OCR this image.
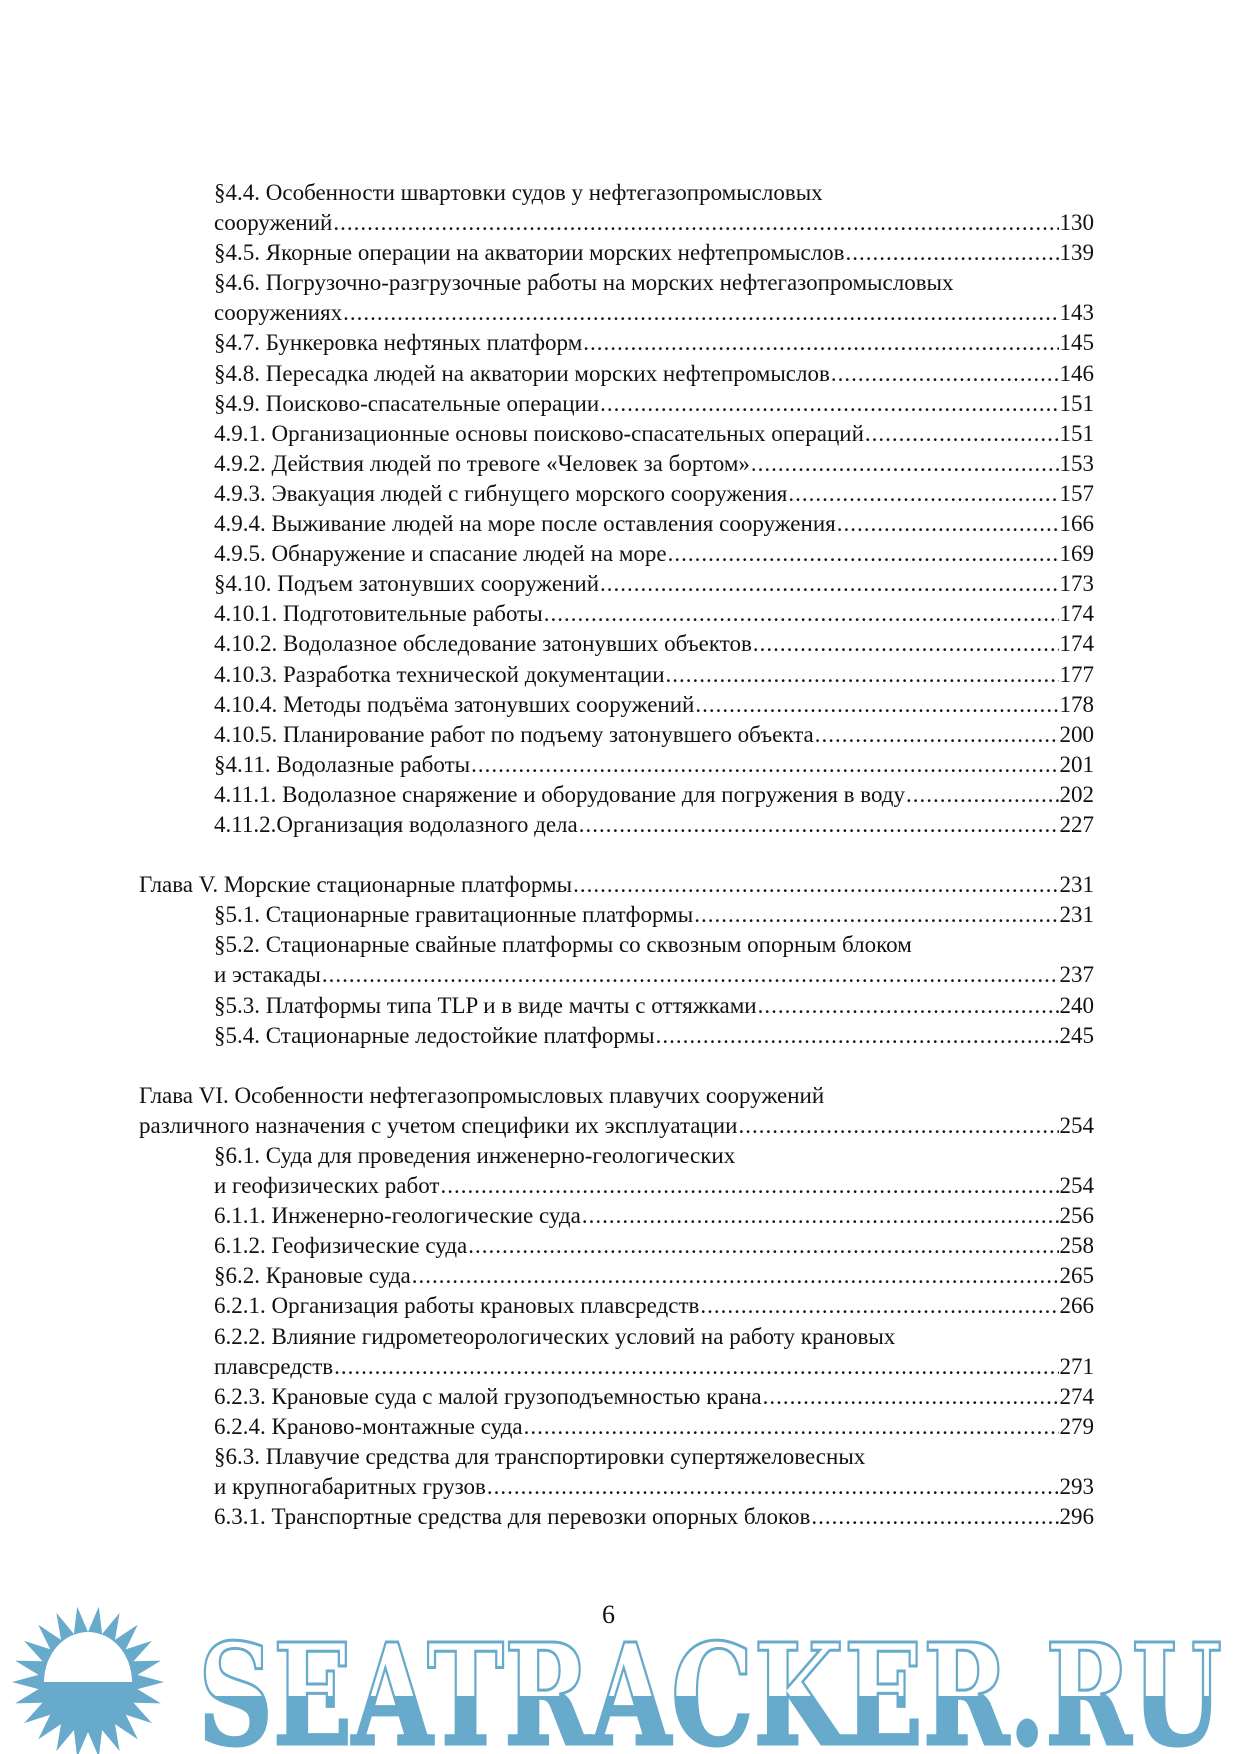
§4.4. Особенности швартовки судов у нефтегазопромысловых
сооружений .....	130
§4.5. Якорные операции на акватории морских нефтепромыслов .....	139
§4.6. Погрузочно-разгрузочные работы на морских нефтегазопромысловых
сооружениях .....	143
§4.7. Бункеровка нефтяных платформ .....	145
§4.8. Пересадка людей на акватории морских нефтепромыслов .....	146
§4.9. Поисково-спасательные операции .....	151
4.9.1. Организационные основы поисково-спасательных операций .....	151
4.9.2. Действия людей по тревоге «Человек за бортом» .....	153
4.9.3. Эвакуация людей с гибнущего морского сооружения .....	157
4.9.4. Выживание людей на море после оставления сооружения .....	166
4.9.5. Обнаружение и спасание людей на море .....	169
§4.10. Подъем затонувших сооружений .....	173
4.10.1. Подготовительные работы .....	174
4.10.2. Водолазное обследование затонувших объектов .....	174
4.10.3. Разработка технической документации .....	177
4.10.4. Методы подъёма затонувших сооружений .....	178
4.10.5. Планирование работ по подъему затонувшего объекта .....	200
§4.11. Водолазные работы .....	201
4.11.1. Водолазное снаряжение и оборудование для погружения в воду .....	202
4.11.2.Организация водолазного дела .....	227
Глава V. Морские стационарные платформы .....	231
§5.1. Стационарные гравитационные платформы .....	231
§5.2. Стационарные свайные платформы со сквозным опорным блоком
и эстакады .....	237
§5.3. Платформы типа TLP и в виде мачты с оттяжками .....	240
§5.4. Стационарные ледостойкие платформы .....	245
Глава VI. Особенности нефтегазопромысловых плавучих сооружений
различного назначения с учетом специфики их эксплуатации .....	254
§6.1. Суда для проведения инженерно-геологических
и геофизических работ .....	254
6.1.1. Инженерно-геологические суда .....	256
6.1.2. Геофизические суда .....	258
§6.2. Крановые суда .....	265
6.2.1. Организация работы крановых плавсредств .....	266
6.2.2. Влияние гидрометеорологических условий на работу крановых
плавсредств .....	271
6.2.3. Крановые суда с малой грузоподъемностью крана .....	274
6.2.4. Краново-монтажные суда .....	279
§6.3. Плавучие средства для транспортировки супертяжеловесных
и крупногабаритных грузов .....	293
6.3.1. Транспортные средства для перевозки опорных блоков .....	296
6
SEATRACKER.RU
